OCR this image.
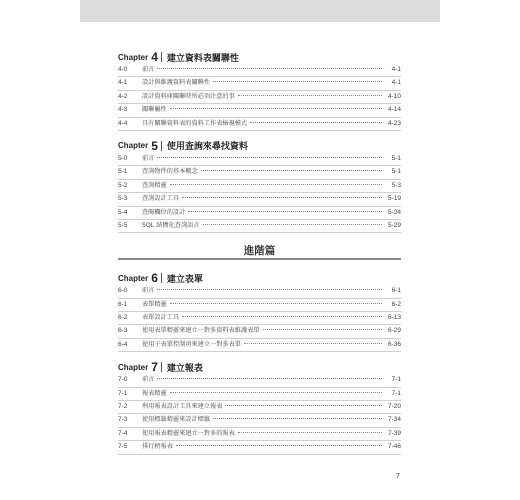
Chapter 4 建立資料表關聯性
4-0	前言	4-1
4-1	設計與維護資料表關聯性	4-1
4-2	設計資料庫關聯時所必須注意的事	4-10
4-3	關聯屬性	4-14
4-4	具有關聯資料表的資料工作表檢視模式	4-23
Chapter 5 使用查詢來尋找資料
5-0	前言	5-1
5-1	查詢物件的基本概念	5-1
5-2	查詢精靈	5-3
5-3	查詢設計工具	5-19
5-4	查閱欄位的設計	5-24
5-5	SQL 結構化查詢語言	5-29
進階篇
Chapter 6 建立表單
6-0	前言	6-1
6-1	表單精靈	6-2
6-2	表單設計工具	6-13
6-3	使用表單精靈來建立一對多資料表維護表單	6-29
6-4	使用子表單控制項來建立一對多表單	6-36
Chapter 7 建立報表
7-0	前言	7-1
7-1	報表精靈	7-1
7-2	利用報表設計工具來建立報表	7-20
7-3	使用標籤精靈來設計標籤	7-34
7-4	使用報表精靈來建立一對多的報表	7-39
7-5	排行榜報表	7-46
7
